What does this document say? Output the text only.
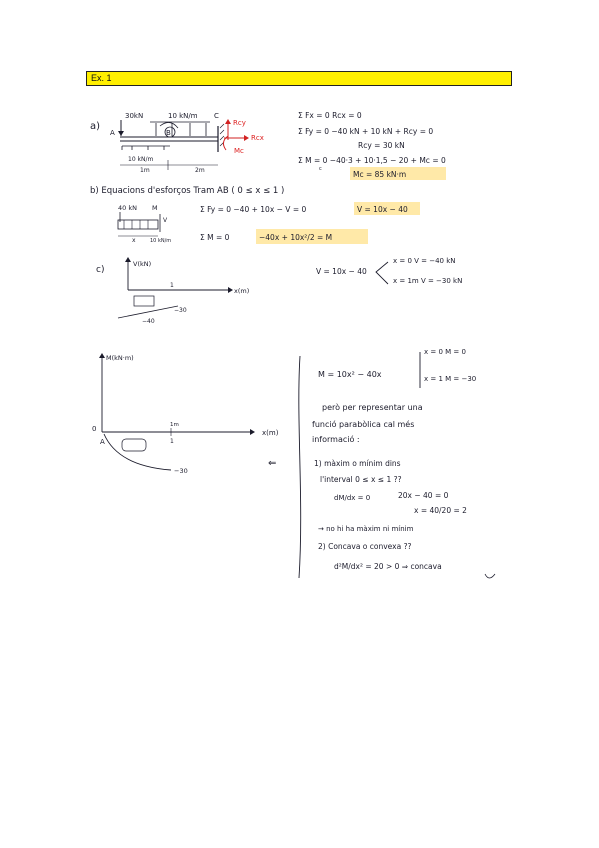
Ex. 1
a)
30kN	10 kN/m
A	B
C
Rcy
Rcx
Mc
10 kN/m
1m	2m
Σ Fx = 0 Rcx = 0
Σ Fy = 0 −40 kN + 10 kN + Rcy = 0
Rcy = 30 kN
Σ M = 0 −40·3 + 10·1,5 − 20 + Mc = 0
c
Mc = 85 kN·m
b) Equacions d'esforços Tram AB ( 0 ≤ x ≤ 1 )
40 kN M
V
x	10 kN/m
Σ Fy = 0 −40 + 10x − V = 0	V = 10x − 40
Σ M = 0	−40x + 10x²/2 = M
c)
V(kN)
x(m)
1
−40
−30
V = 10x − 40
x = 0 V = −40 kN
x = 1m V = −30 kN
M(kN·m)
x(m)
0
A
1m
1
−30
M = 10x² − 40x
x = 0 M = 0
x = 1 M = −30
però per representar una
funció parabòlica cal més
informació :
⇐	1) màxim o mínim dins
l'interval 0 ≤ x ≤ 1 ??
dM/dx = 0	20x − 40 = 0
x = 40/20 = 2
→ no hi ha màxim ni mínim
2) Concava o convexa ??
d²M/dx² = 20 > 0 ⇒ concava
